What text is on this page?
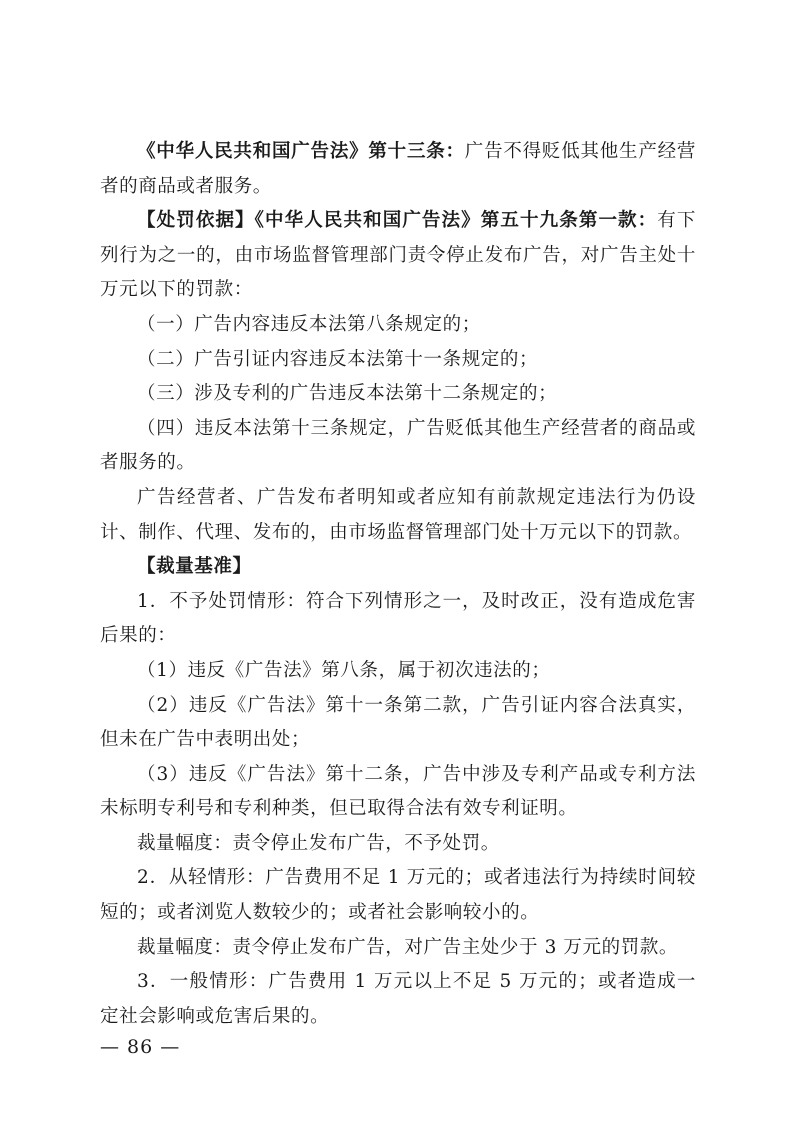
《中华人民共和国广告法》第十三条：广告不得贬低其他生产经营者的商品或者服务。

【处罚依据】《中华人民共和国广告法》第五十九条第一款：有下列行为之一的，由市场监督管理部门责令停止发布广告，对广告主处十万元以下的罚款：

（一）广告内容违反本法第八条规定的；

（二）广告引证内容违反本法第十一条规定的；

（三）涉及专利的广告违反本法第十二条规定的；

（四）违反本法第十三条规定，广告贬低其他生产经营者的商品或者服务的。

广告经营者、广告发布者明知或者应知有前款规定违法行为仍设计、制作、代理、发布的，由市场监督管理部门处十万元以下的罚款。

【裁量基准】

1．不予处罚情形：符合下列情形之一，及时改正，没有造成危害后果的：

（1）违反《广告法》第八条，属于初次违法的；

（2）违反《广告法》第十一条第二款，广告引证内容合法真实，但未在广告中表明出处；

（3）违反《广告法》第十二条，广告中涉及专利产品或专利方法未标明专利号和专利种类，但已取得合法有效专利证明。

裁量幅度：责令停止发布广告，不予处罚。

2．从轻情形：广告费用不足 1 万元的；或者违法行为持续时间较短的；或者浏览人数较少的；或者社会影响较小的。

裁量幅度：责令停止发布广告，对广告主处少于 3 万元的罚款。

3．一般情形：广告费用 1 万元以上不足 5 万元的；或者造成一定社会影响或危害后果的。

— 86 —
